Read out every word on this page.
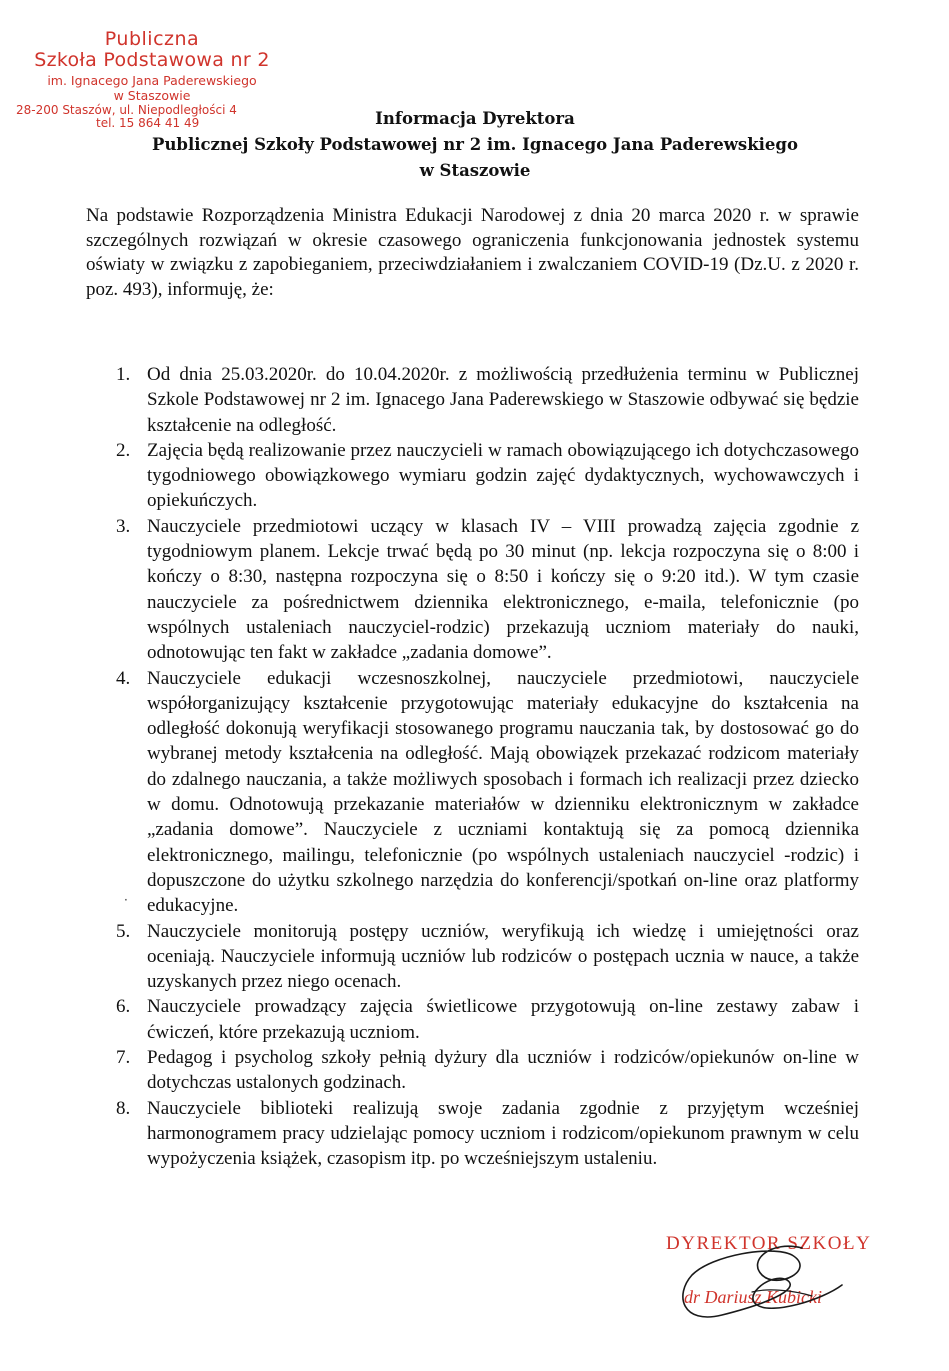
Publiczna
Szkoła Podstawowa nr 2
im. Ignacego Jana Paderewskiego
w Staszowie
28-200 Staszów, ul. Niepodległości 4
tel. 15 864 41 49	Informacja Dyrektora
Publicznej Szkoły Podstawowej nr 2 im. Ignacego Jana Paderewskiego
w Staszowie
Na podstawie Rozporządzenia Ministra Edukacji Narodowej z dnia 20 marca 2020 r. w sprawie szczególnych rozwiązań w okresie czasowego ograniczenia funkcjonowania jednostek systemu oświaty w związku z zapobieganiem, przeciwdziałaniem i zwalczaniem COVID-19 (Dz.U. z 2020 r. poz. 493), informuję, że:
1. Od dnia 25.03.2020r. do 10.04.2020r. z możliwością przedłużenia terminu w Publicznej Szkole Podstawowej nr 2 im. Ignacego Jana Paderewskiego w Staszowie odbywać się będzie kształcenie na odległość.
2. Zajęcia będą realizowanie przez nauczycieli w ramach obowiązującego ich dotychczasowego tygodniowego obowiązkowego wymiaru godzin zajęć dydaktycznych, wychowawczych i opiekuńczych.
3. Nauczyciele przedmiotowi uczący w klasach IV – VIII prowadzą zajęcia zgodnie z tygodniowym planem. Lekcje trwać będą po 30 minut (np. lekcja rozpoczyna się o 8:00 i kończy o 8:30, następna rozpoczyna się o 8:50 i kończy się o 9:20 itd.). W tym czasie nauczyciele za pośrednictwem dziennika elektronicznego, e-maila, telefonicznie (po wspólnych ustaleniach nauczyciel-rodzic) przekazują uczniom materiały do nauki, odnotowując ten fakt w zakładce „zadania domowe”.
4. Nauczyciele edukacji wczesnoszkolnej, nauczyciele przedmiotowi, nauczyciele współorganizujący kształcenie przygotowując materiały edukacyjne do kształcenia na odległość dokonują weryfikacji stosowanego programu nauczania tak, by dostosować go do wybranej metody kształcenia na odległość. Mają obowiązek przekazać rodzicom materiały do zdalnego nauczania, a także możliwych sposobach i formach ich realizacji przez dziecko w domu. Odnotowują przekazanie materiałów w dzienniku elektronicznym w zakładce „zadania domowe”. Nauczyciele z uczniami kontaktują się za pomocą dziennika elektronicznego, mailingu, telefonicznie (po wspólnych ustaleniach nauczyciel -rodzic) i dopuszczone do użytku szkolnego narzędzia do konferencji/spotkań on-line oraz platformy edukacyjne.
5. Nauczyciele monitorują postępy uczniów, weryfikują ich wiedzę i umiejętności oraz oceniają. Nauczyciele informują uczniów lub rodziców o postępach ucznia w nauce, a także uzyskanych przez niego ocenach.
6. Nauczyciele prowadzący zajęcia świetlicowe przygotowują on-line zestawy zabaw i ćwiczeń, które przekazują uczniom.
7. Pedagog i psycholog szkoły pełnią dyżury dla uczniów i rodziców/opiekunów on-line w dotychczas ustalonych godzinach.
8. Nauczyciele biblioteki realizują swoje zadania zgodnie z przyjętym wcześniej harmonogramem pracy udzielając pomocy uczniom i rodzicom/opiekunom prawnym w celu wypożyczenia książek, czasopism itp. po wcześniejszym ustaleniu.
·
DYREKTOR SZKOŁY
dr Dariusz Kubicki
